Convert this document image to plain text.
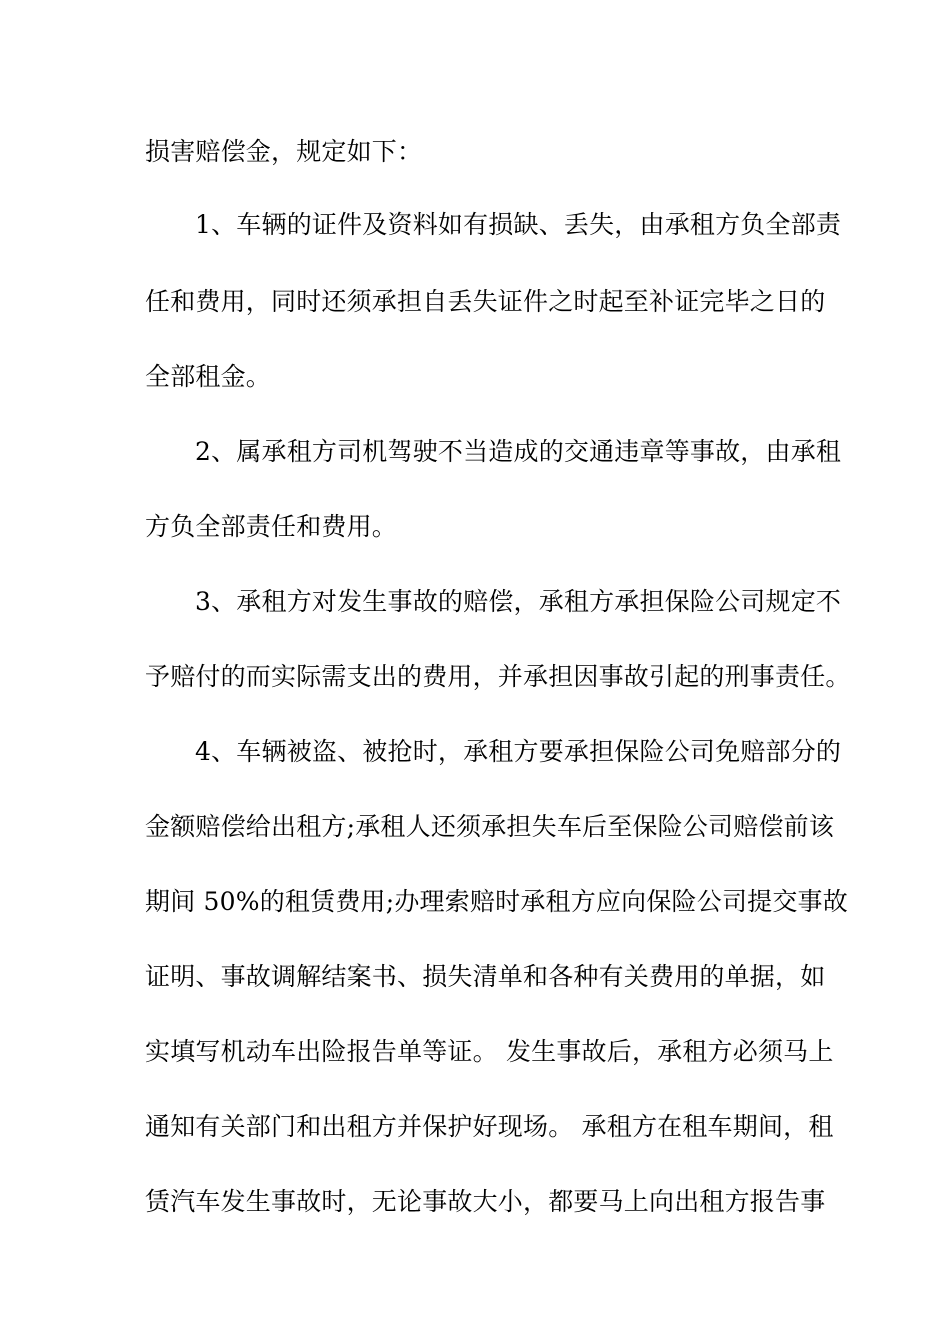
损害赔偿金，规定如下：
1、车辆的证件及资料如有损缺、丢失，由承租方负全部责
任和费用，同时还须承担自丢失证件之时起至补证完毕之日的
全部租金。
2、属承租方司机驾驶不当造成的交通违章等事故，由承租
方负全部责任和费用。
3、承租方对发生事故的赔偿，承租方承担保险公司规定不
予赔付的而实际需支出的费用，并承担因事故引起的刑事责任。
4、车辆被盗、被抢时，承租方要承担保险公司免赔部分的
金额赔偿给出租方;承租人还须承担失车后至保险公司赔偿前该
期间 50%的租赁费用;办理索赔时承租方应向保险公司提交事故
证明、事故调解结案书、损失清单和各种有关费用的单据，如
实填写机动车出险报告单等证。 发生事故后，承租方必须马上
通知有关部门和出租方并保护好现场。 承租方在租车期间，租
赁汽车发生事故时，无论事故大小，都要马上向出租方报告事
